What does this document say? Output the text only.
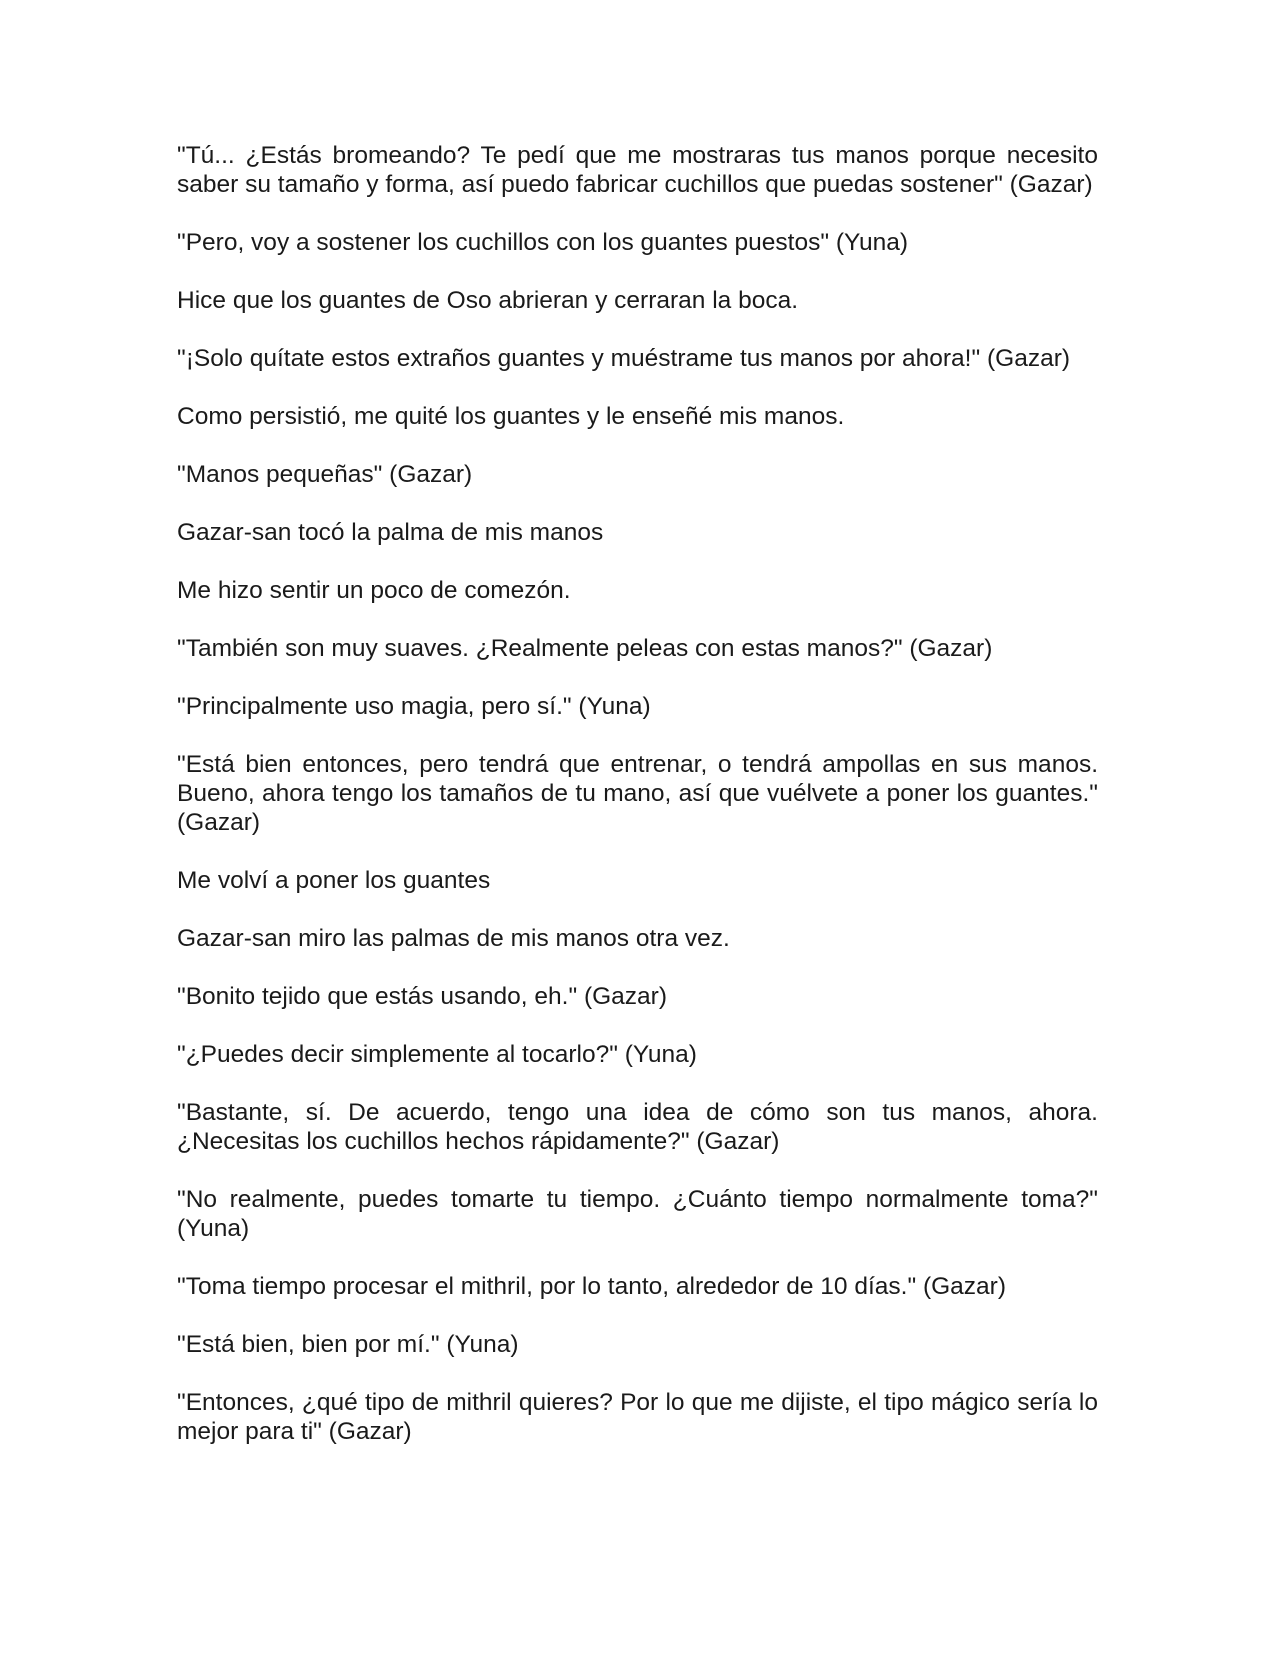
"Tú... ¿Estás bromeando? Te pedí que me mostraras tus manos porque necesito saber su tamaño y forma, así puedo fabricar cuchillos que puedas sostener" (Gazar)

"Pero, voy a sostener los cuchillos con los guantes puestos" (Yuna)

Hice que los guantes de Oso abrieran y cerraran la boca.

"¡Solo quítate estos extraños guantes y muéstrame tus manos por ahora!" (Gazar)

Como persistió, me quité los guantes y le enseñé mis manos.

"Manos pequeñas" (Gazar)

Gazar-san tocó la palma de mis manos

Me hizo sentir un poco de comezón.

"También son muy suaves. ¿Realmente peleas con estas manos?" (Gazar)

"Principalmente uso magia, pero sí." (Yuna)

"Está bien entonces, pero tendrá que entrenar, o tendrá ampollas en sus manos. Bueno, ahora tengo los tamaños de tu mano, así que vuélvete a poner los guantes." (Gazar)

Me volví a poner los guantes

Gazar-san miro las palmas de mis manos otra vez.

"Bonito tejido que estás usando, eh." (Gazar)

"¿Puedes decir simplemente al tocarlo?" (Yuna)

"Bastante, sí. De acuerdo, tengo una idea de cómo son tus manos, ahora. ¿Necesitas los cuchillos hechos rápidamente?" (Gazar)

"No realmente, puedes tomarte tu tiempo. ¿Cuánto tiempo normalmente toma?" (Yuna)

"Toma tiempo procesar el mithril, por lo tanto, alrededor de 10 días." (Gazar)

"Está bien, bien por mí." (Yuna)

"Entonces, ¿qué tipo de mithril quieres? Por lo que me dijiste, el tipo mágico sería lo mejor para ti" (Gazar)
